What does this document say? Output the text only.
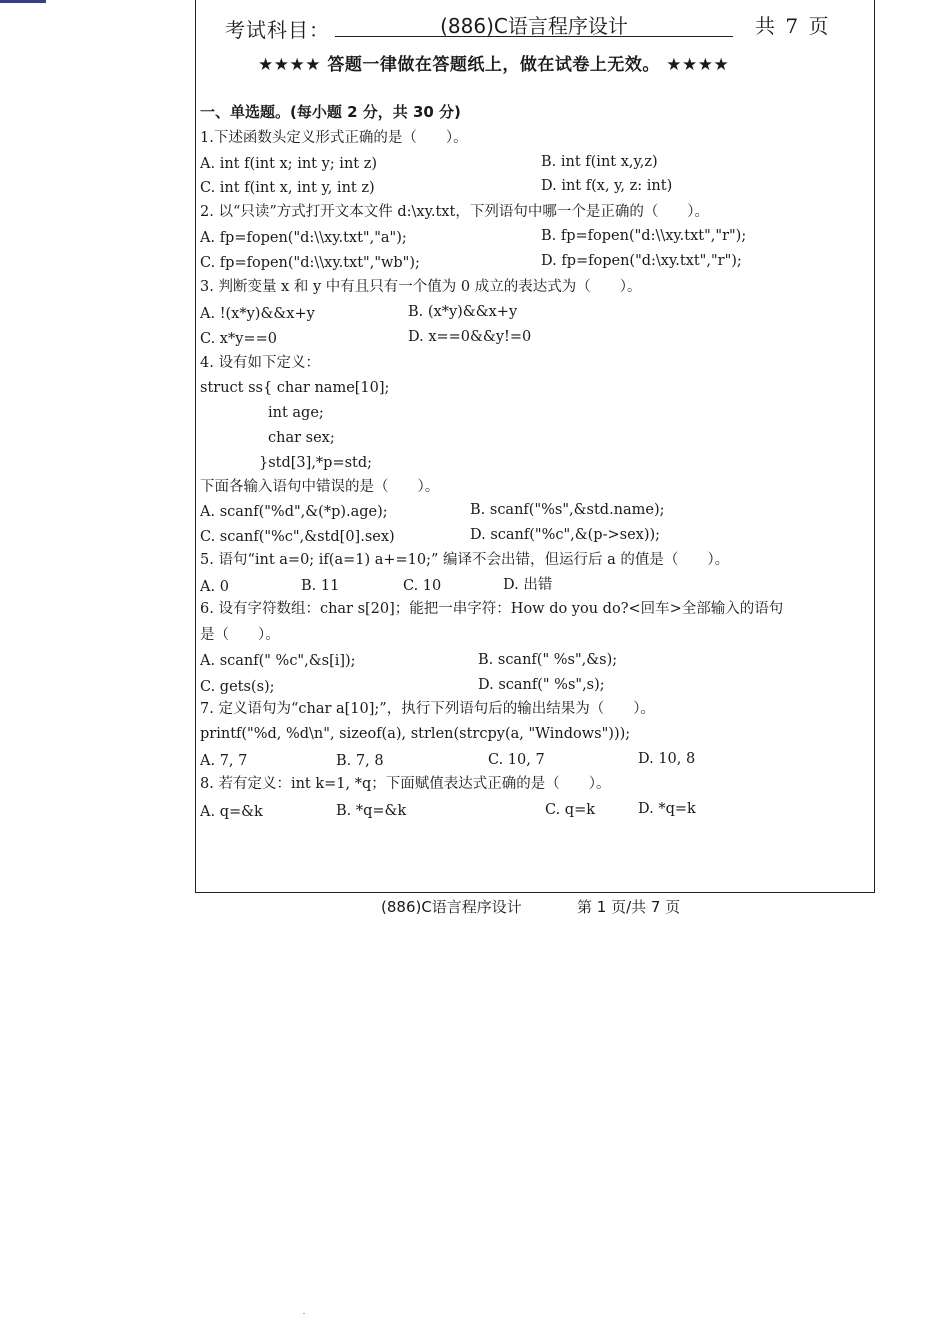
考试科目：	(886)C语言程序设计	共 7 页
★★★★ 答题一律做在答题纸上，做在试卷上无效。 ★★★★
一、单选题。(每小题 2 分，共 30 分)
1.下述函数头定义形式正确的是（　　）。
A. int f(int x; int y; int z)	B. int f(int x,y,z)
C. int f(int x, int y, int z)	D. int f(x, y, z: int)
2. 以“只读”方式打开文本文件 d:\xy.txt，下列语句中哪一个是正确的（　　）。
A. fp=fopen("d:\\xy.txt","a");	B. fp=fopen("d:\\xy.txt","r");
C. fp=fopen("d:\\xy.txt","wb");	D. fp=fopen("d:\xy.txt","r");
3. 判断变量 x 和 y 中有且只有一个值为 0 成立的表达式为（　　）。
A. !(x*y)&&x+y	B. (x*y)&&x+y
C. x*y==0	D. x==0&&y!=0
4. 设有如下定义：
struct ss{ char name[10];
int age;
char sex;
}std[3],*p=std;
下面各输入语句中错误的是（　　）。
A. scanf("%d",&(*p).age);	B. scanf("%s",&std.name);
C. scanf("%c",&std[0].sex)	D. scanf("%c",&(p->sex));
5. 语句“int a=0; if(a=1) a+=10;” 编译不会出错，但运行后 a 的值是（　　）。
A. 0	B. 11	C. 10	D. 出错
6. 设有字符数组：char s[20]；能把一串字符：How do you do?<回车>全部输入的语句
是（　　）。
A. scanf(" %c",&s[i]);	B. scanf(" %s",&s);
C. gets(s);	D. scanf(" %s",s);
7. 定义语句为“char a[10];”，执行下列语句后的输出结果为（　　）。
printf("%d, %d\n", sizeof(a), strlen(strcpy(a, "Windows")));
A. 7, 7	B. 7, 8	C. 10, 7	D. 10, 8
8. 若有定义：int k=1, *q；下面赋值表达式正确的是（　　）。
A. q=&k	B. *q=&k	C. q=k	D. *q=k
(886)C语言程序设计	第 1 页/共 7 页
